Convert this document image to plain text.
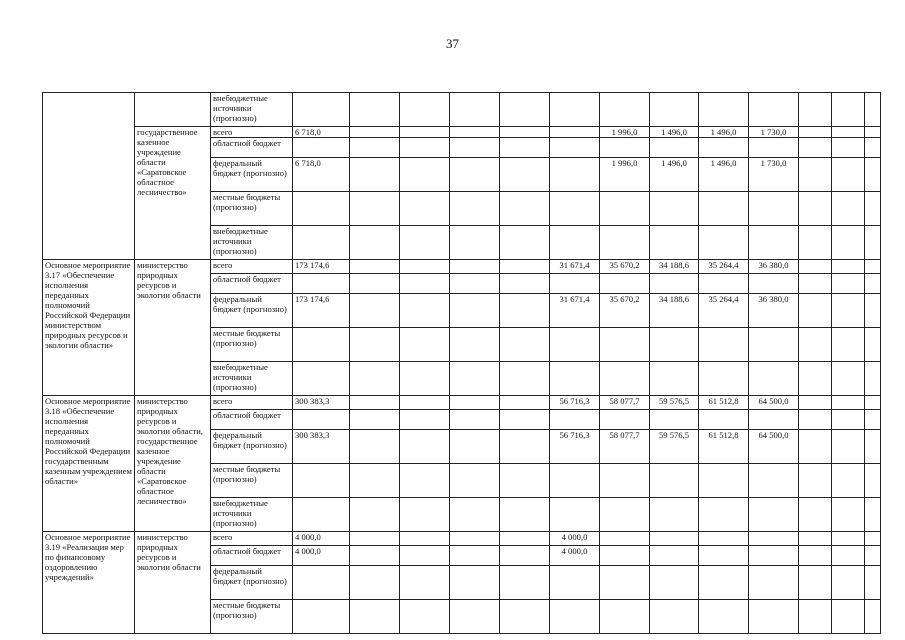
37
		внебюджетные источники (прогнозно)													
	государственное казенное учреждение области «Саратовское областное лесничество»	всего	6 718,0						1 996,0	1 496,0	1 496,0	1 730,0			
		областной бюджет													
		федеральный бюджет (прогнозно)	6 718,0						1 996,0	1 496,0	1 496,0	1 730,0			
		местные бюджеты (прогнозно)													
		внебюджетные источники (прогнозно)													
Основное мероприятие 3.17 «Обеспечение исполнения переданных полномочий Российской Федерации министерством природных ресурсов и экологии области»	министерство природных ресурсов и экологии области	всего	173 174,6					31 671,4	35 670,2	34 188,6	35 264,4	36 380,0			
		областной бюджет													
		федеральный бюджет (прогнозно)	173 174,6					31 671,4	35 670,2	34 188,6	35 264,4	36 380,0			
		местные бюджеты (прогнозно)													
		внебюджетные источники (прогнозно)													
Основное мероприятие 3.18 «Обеспечение исполнения переданных полномочий Российской Федерации государственным казенным учреждением области»	министерство природных ресурсов и экологии области, государственное казенное учреждение области «Саратовское областное лесничество»	всего	300 383,3					56 716,3	58 077,7	59 576,5	61 512,8	64 500,0			
		областной бюджет													
		федеральный бюджет (прогнозно)	300 383,3					56 716,3	58 077,7	59 576,5	61 512,8	64 500,0			
		местные бюджеты (прогнозно)													
		внебюджетные источники (прогнозно)													
Основное мероприятие 3.19 «Реализация мер по финансовому оздоровлению учреждений»	министерство природных ресурсов и экологии области	всего	4 000,0					4 000,0							
		областной бюджет	4 000,0					4 000,0							
		федеральный бюджет (прогнозно)													
		местные бюджеты (прогнозно)													
